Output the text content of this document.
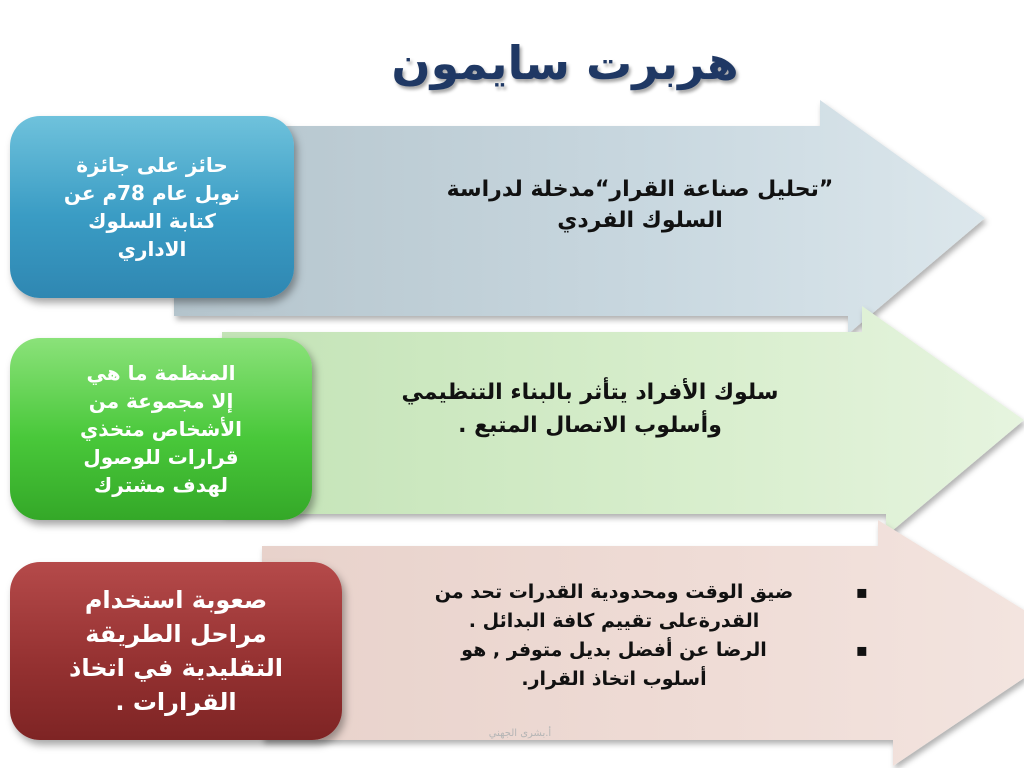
هربرت سايمون
”تحليل صناعة القرار“مدخلة لدراسة
السلوك الفردي
سلوك الأفراد يتأثر بالبناء التنظيمي
وأسلوب الاتصال المتبع .
▪
ضيق الوقت ومحدودية القدرات تحد من
القدرةعلى تقييم كافة البدائل .
▪
الرضا عن أفضل بديل متوفر , هو
أسلوب اتخاذ القرار.
حائز على جائزة
نوبل عام 78م عن
كتابة السلوك
الاداري
المنظمة ما هي
إلا مجموعة من
الأشخاص متخذي
قرارات للوصول
لهدف مشترك
صعوبة استخدام
مراحل الطريقة
التقليدية في اتخاذ
القرارات .
أ.بشرى الجهني
